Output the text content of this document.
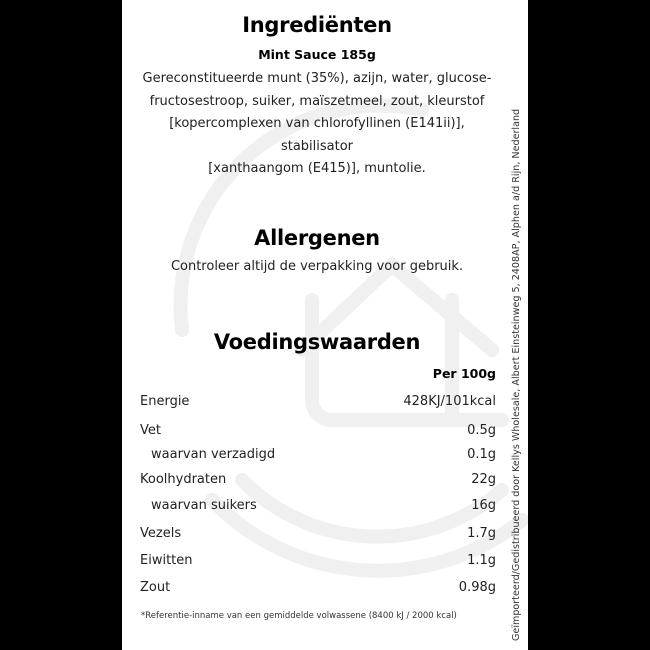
Ingrediënten
Mint Sauce 185g
Gereconstitueerde munt (35%), azijn, water, glucose-
fructosestroop, suiker, maïszetmeel, zout, kleurstof
[kopercomplexen van chlorofyllinen (E141ii)], stabilisator
[xanthaangom (E415)], muntolie.
Allergenen
Controleer altijd de verpakking voor gebruik.
Voedingswaarden
Per 100g
Energie	428KJ/101kcal
Vet	0.5g
waarvan verzadigd	0.1g
Koolhydraten	22g
waarvan suikers	16g
Vezels	1.7g
Eiwitten	1.1g
Zout	0.98g
*Referentie-inname van een gemiddelde volwassene (8400 kJ / 2000 kcal)	Geïmporteerd/Gedistribueerd door Kellys Wholesale, Albert Einsteinweg 5, 2408AP, Alphen a/d Rijn, Nederland
